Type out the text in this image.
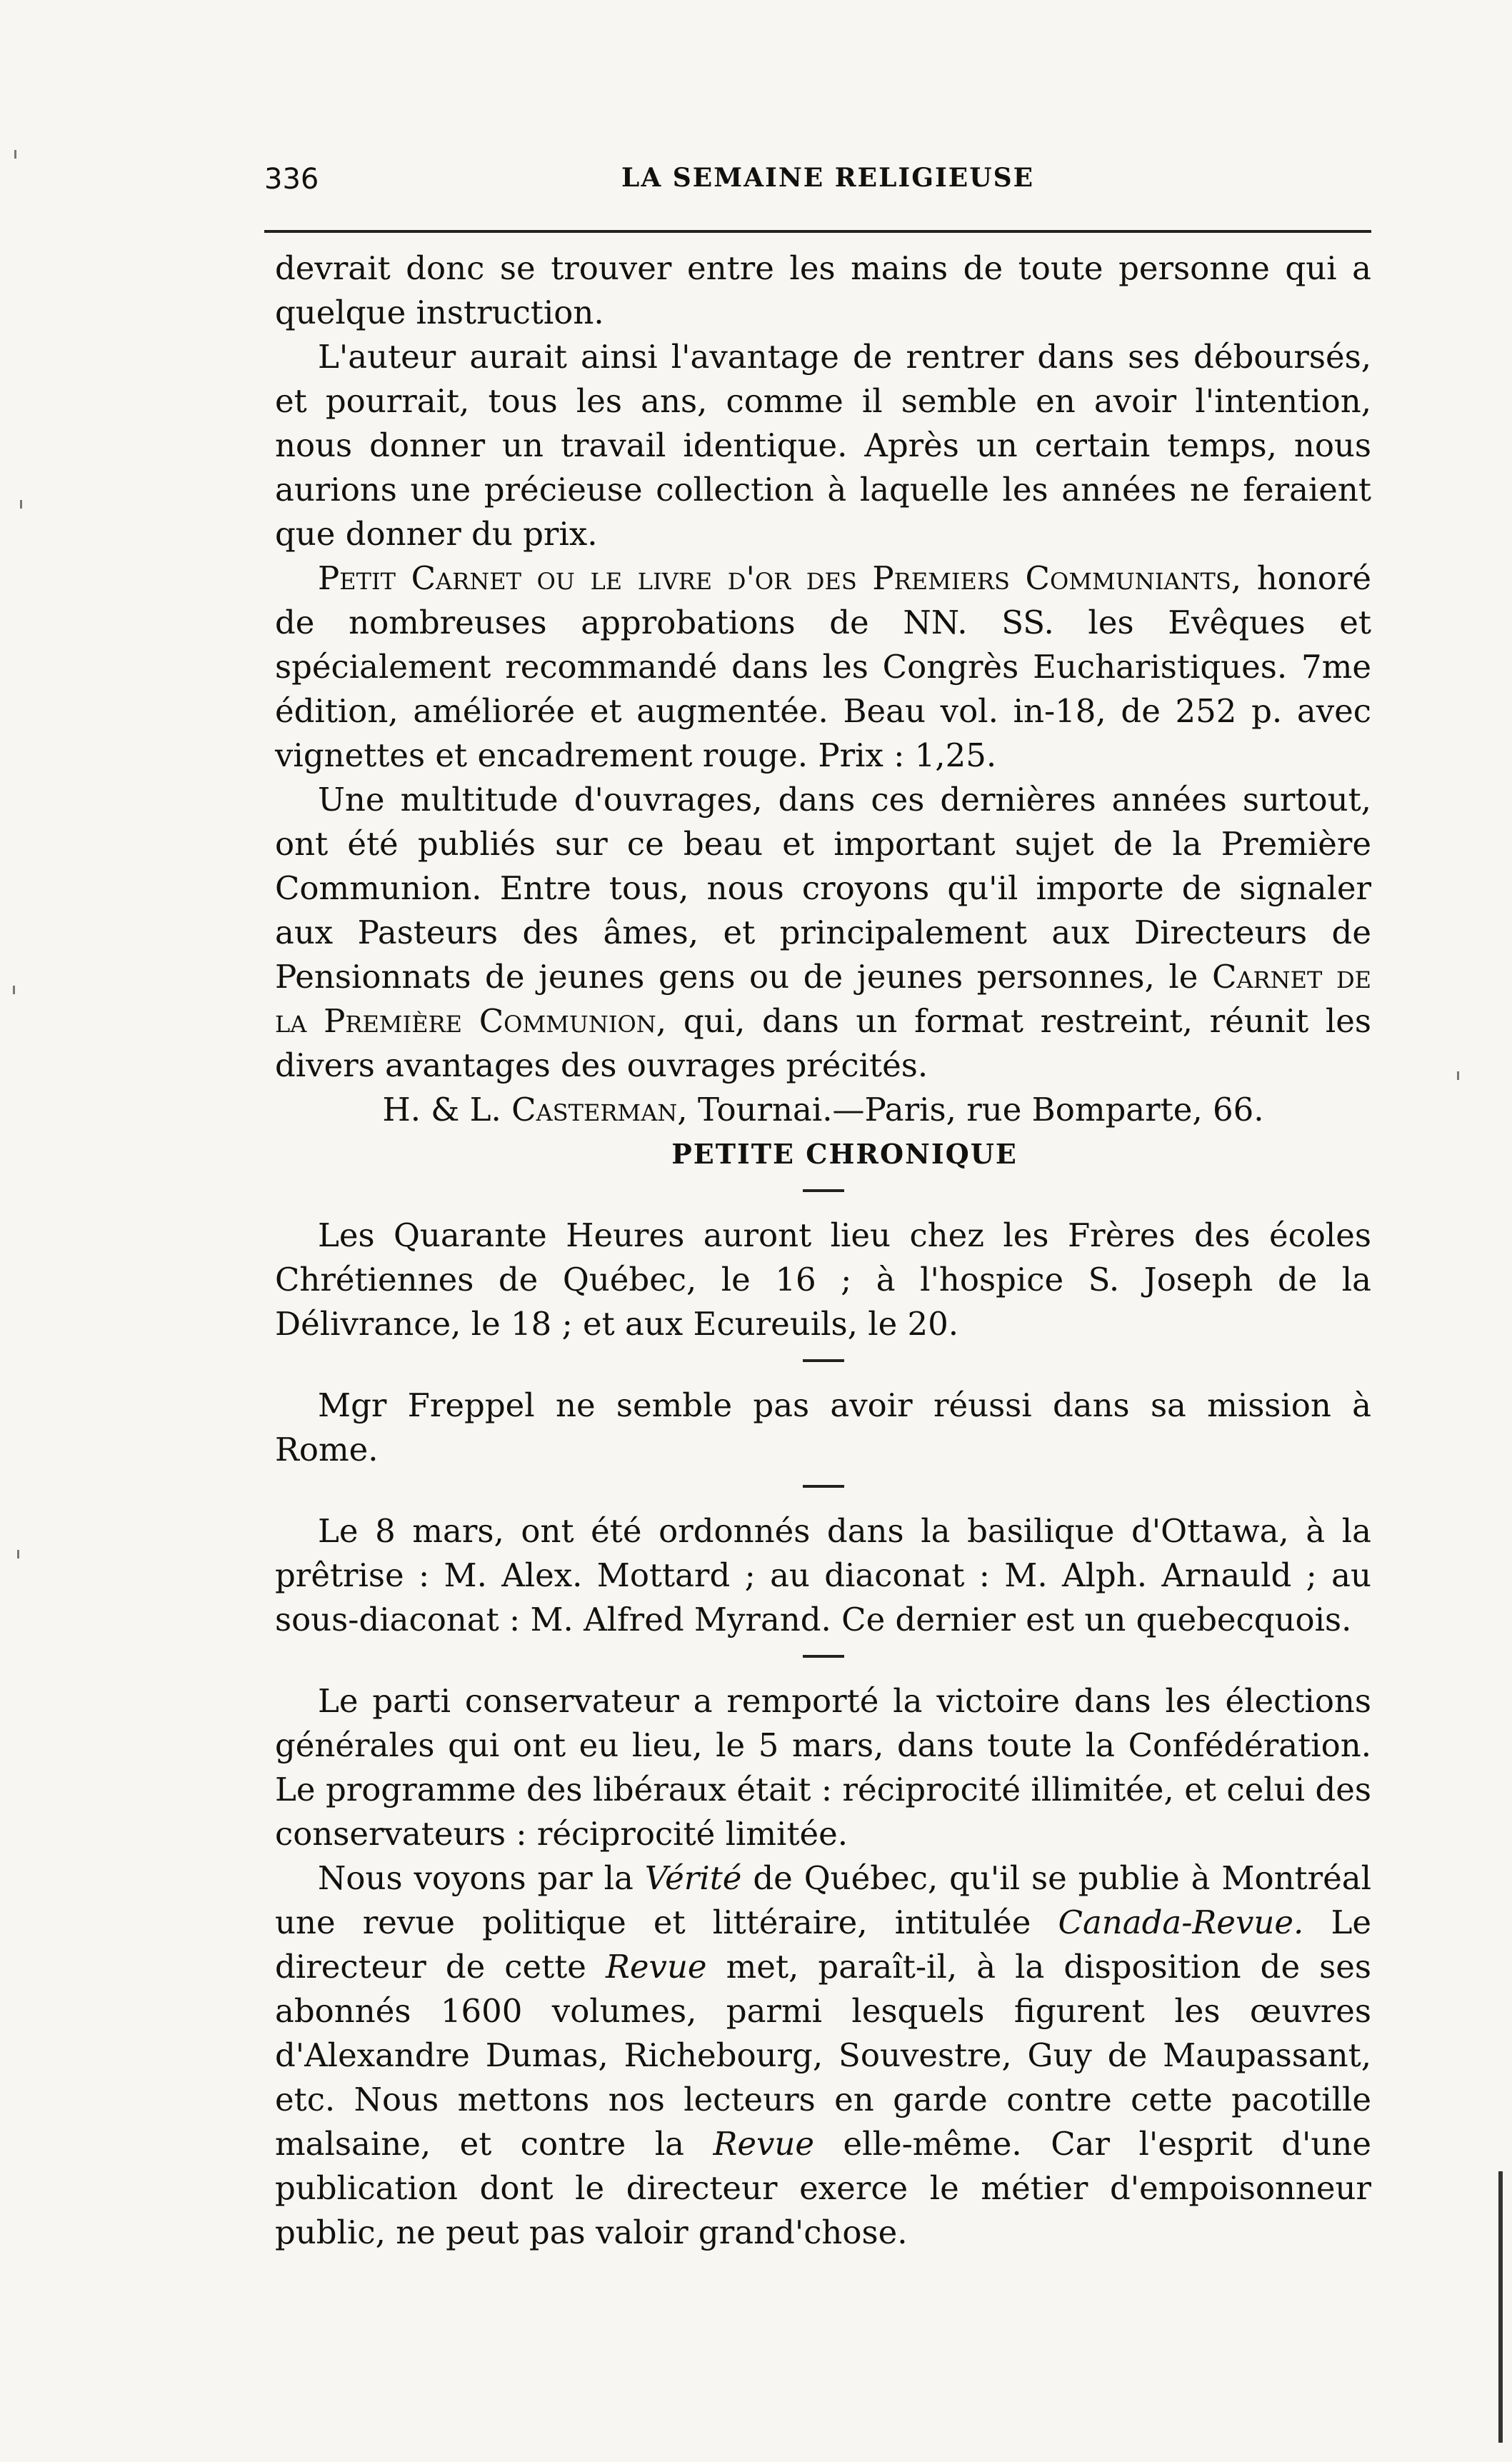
336	LA SEMAINE RELIGIEUSE

devrait donc se trouver entre les mains de toute personne qui a quelque instruction.

L'auteur aurait ainsi l'avantage de rentrer dans ses déboursés, et pourrait, tous les ans, comme il semble en avoir l'intention, nous donner un travail identique. Après un certain temps, nous aurions une précieuse collection à laquelle les années ne feraient que donner du prix.

Petit Carnet ou le livre d'or des Premiers Communiants, honoré de nombreuses approbations de NN. SS. les Evêques et spécialement recommandé dans les Congrès Eucharistiques. 7me édition, améliorée et augmentée. Beau vol. in-18, de 252 p. avec vignettes et encadrement rouge. Prix : 1,25.

Une multitude d'ouvrages, dans ces dernières années surtout, ont été publiés sur ce beau et important sujet de la Première Communion. Entre tous, nous croyons qu'il importe de signaler aux Pasteurs des âmes, et principalement aux Directeurs de Pensionnats de jeunes gens ou de jeunes personnes, le Carnet de la Première Communion, qui, dans un format restreint, réunit les divers avantages des ouvrages précités.

H. & L. Casterman, Tournai.—Paris, rue Bomparte, 66.

PETITE CHRONIQUE

Les Quarante Heures auront lieu chez les Frères des écoles Chrétiennes de Québec, le 16 ; à l'hospice S. Joseph de la Délivrance, le 18 ; et aux Ecureuils, le 20.

Mgr Freppel ne semble pas avoir réussi dans sa mission à Rome.

Le 8 mars, ont été ordonnés dans la basilique d'Ottawa, à la prêtrise : M. Alex. Mottard ; au diaconat : M. Alph. Arnauld ; au sous-diaconat : M. Alfred Myrand. Ce dernier est un quebecquois.

Le parti conservateur a remporté la victoire dans les élections générales qui ont eu lieu, le 5 mars, dans toute la Confédération. Le programme des libéraux était : réciprocité illimitée, et celui des conservateurs : réciprocité limitée.

Nous voyons par la Vérité de Québec, qu'il se publie à Montréal une revue politique et littéraire, intitulée Canada-Revue. Le directeur de cette Revue met, paraît-il, à la disposition de ses abonnés 1600 volumes, parmi lesquels figurent les œuvres d'Alexandre Dumas, Richebourg, Souvestre, Guy de Maupassant, etc. Nous mettons nos lecteurs en garde contre cette pacotille malsaine, et contre la Revue elle-même. Car l'esprit d'une publication dont le directeur exerce le métier d'empoisonneur public, ne peut pas valoir grand'chose.
